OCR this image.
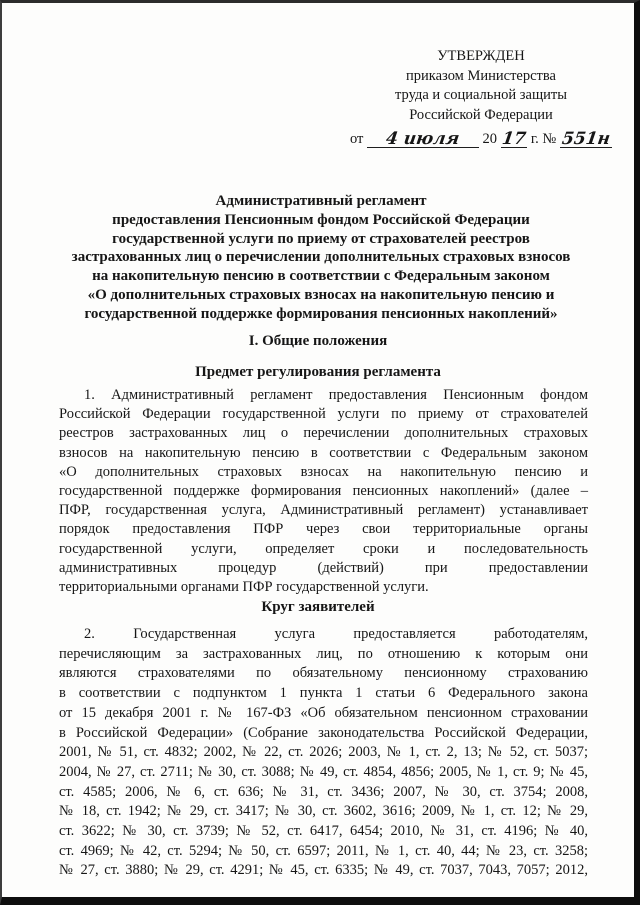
УТВЕРЖДЕН
приказом Министерства
труда и социальной защиты
Российской Федерации
от 4 июля 20 17 г. № 551н
Административный регламент
предоставления Пенсионным фондом Российской Федерации
государственной услуги по приему от страхователей реестров
застрахованных лиц о перечислении дополнительных страховых взносов
на накопительную пенсию в соответствии с Федеральным законом
«О дополнительных страховых взносах на накопительную пенсию и
государственной поддержке формирования пенсионных накоплений»
I. Общие положения
Предмет регулирования регламента
1. Административный регламент предоставления Пенсионным фондом
Российской Федерации государственной услуги по приему от страхователей
реестров застрахованных лиц о перечислении дополнительных страховых
взносов на накопительную пенсию в соответствии с Федеральным законом
«О дополнительных страховых взносах на накопительную пенсию и
государственной поддержке формирования пенсионных накоплений» (далее –
ПФР, государственная услуга, Административный регламент) устанавливает
порядок предоставления ПФР через свои территориальные органы
государственной услуги, определяет сроки и последовательность
административных процедур (действий) при предоставлении
территориальными органами ПФР государственной услуги.
Круг заявителей
2. Государственная услуга предоставляется работодателям,
перечисляющим за застрахованных лиц, по отношению к которым они
являются страхователями по обязательному пенсионному страхованию
в соответствии с подпунктом 1 пункта 1 статьи 6 Федерального закона
от 15 декабря 2001 г. № 167-ФЗ «Об обязательном пенсионном страховании
в Российской Федерации» (Собрание законодательства Российской Федерации,
2001, № 51, ст. 4832; 2002, № 22, ст. 2026; 2003, № 1, ст. 2, 13; № 52, ст. 5037;
2004, № 27, ст. 2711; № 30, ст. 3088; № 49, ст. 4854, 4856; 2005, № 1, ст. 9; № 45,
ст. 4585; 2006, № 6, ст. 636; № 31, ст. 3436; 2007, № 30, ст. 3754; 2008,
№ 18, ст. 1942; № 29, ст. 3417; № 30, ст. 3602, 3616; 2009, № 1, ст. 12; № 29,
ст. 3622; № 30, ст. 3739; № 52, ст. 6417, 6454; 2010, № 31, ст. 4196; № 40,
ст. 4969; № 42, ст. 5294; № 50, ст. 6597; 2011, № 1, ст. 40, 44; № 23, ст. 3258;
№ 27, ст. 3880; № 29, ст. 4291; № 45, ст. 6335; № 49, ст. 7037, 7043, 7057; 2012,
